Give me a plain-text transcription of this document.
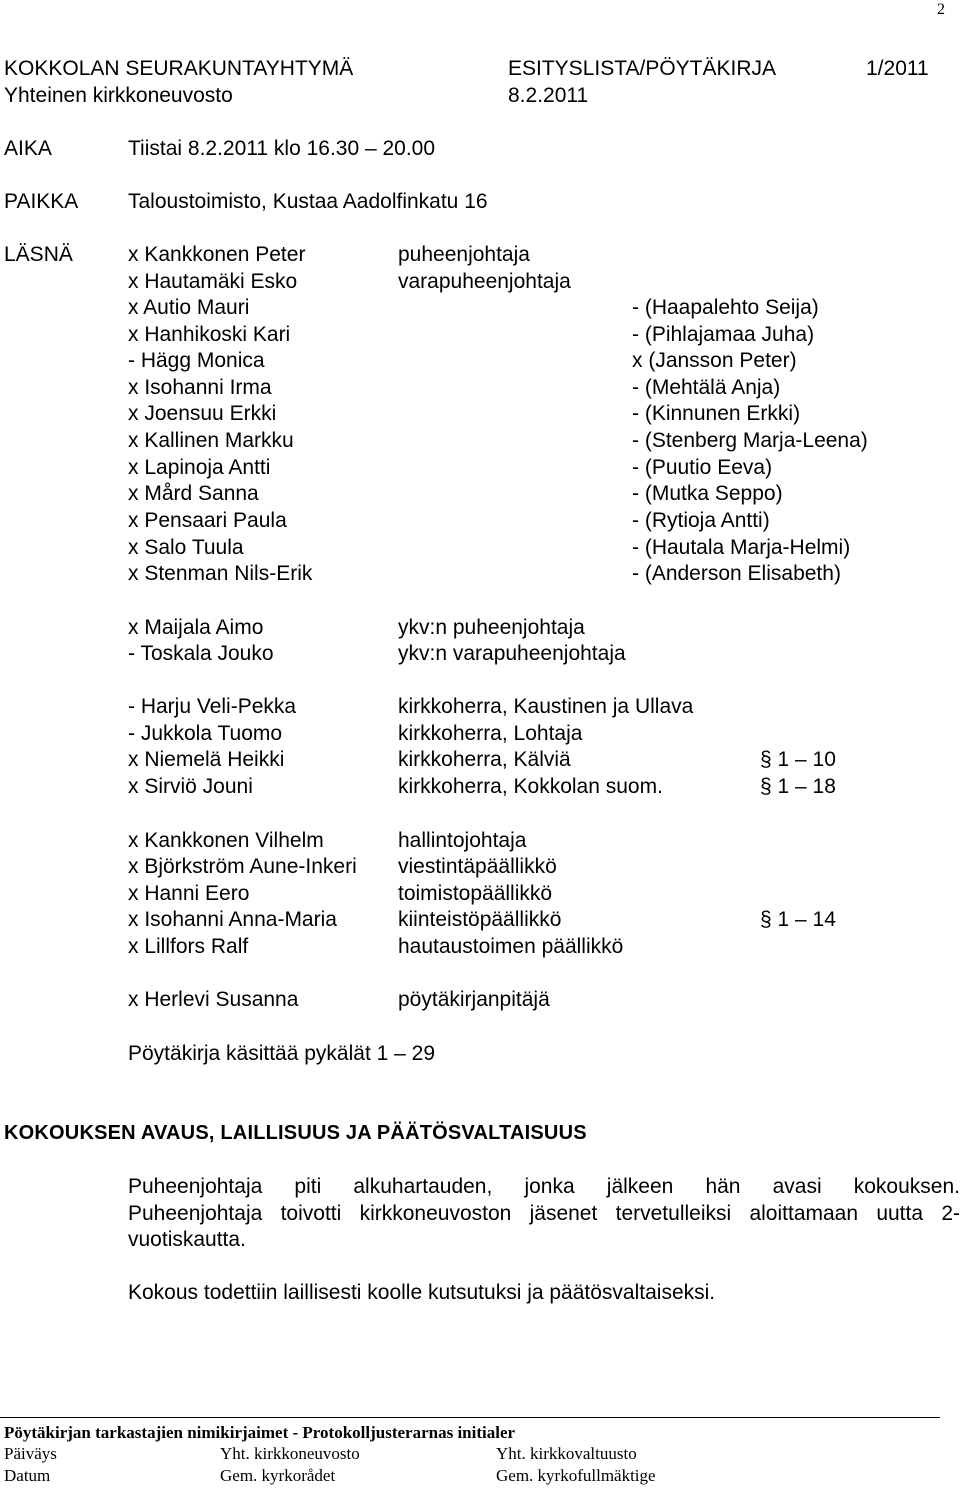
2
KOKKOLAN SEURAKUNTAYHTYMÄ	ESITYSLISTA/PÖYTÄKIRJA	1/2011
Yhteinen kirkkoneuvosto	8.2.2011
AIKA	Tiistai 8.2.2011 klo 16.30 – 20.00
PAIKKA Taloustoimisto, Kustaa Aadolfinkatu 16
LÄSNÄ	x Kankkonen Peter	puheenjohtaja
x Hautamäki Esko	varapuheenjohtaja
x Autio Mauri	- (Haapalehto Seija)
x Hanhikoski Kari	- (Pihlajamaa Juha)
- Hägg Monica	x (Jansson Peter)
x Isohanni Irma	- (Mehtälä Anja)
x Joensuu Erkki	- (Kinnunen Erkki)
x Kallinen Markku	- (Stenberg Marja-Leena)
x Lapinoja Antti	- (Puutio Eeva)
x Mård Sanna	- (Mutka Seppo)
x Pensaari Paula	- (Rytioja Antti)
x Salo Tuula	- (Hautala Marja-Helmi)
x Stenman Nils-Erik	- (Anderson Elisabeth)
x Maijala Aimo	ykv:n puheenjohtaja
- Toskala Jouko	ykv:n varapuheenjohtaja
- Harju Veli-Pekka	kirkkoherra, Kaustinen ja Ullava
- Jukkola Tuomo	kirkkoherra, Lohtaja
x Niemelä Heikki	kirkkoherra, Kälviä	§ 1 – 10
x Sirviö Jouni	kirkkoherra, Kokkolan suom.	§ 1 – 18
x Kankkonen Vilhelm	hallintojohtaja
x Björkström Aune-Inkeri viestintäpäällikkö
x Hanni Eero	toimistopäällikkö
x Isohanni Anna-Maria	kiinteistöpäällikkö	§ 1 – 14
x Lillfors Ralf	hautaustoimen päällikkö
x Herlevi Susanna	pöytäkirjanpitäjä
Pöytäkirja käsittää pykälät 1 – 29
KOKOUKSEN AVAUS, LAILLISUUS JA PÄÄTÖSVALTAISUUS
Puheenjohtaja piti alkuhartauden, jonka jälkeen hän avasi kokouksen.
Puheenjohtaja toivotti kirkkoneuvoston jäsenet tervetulleiksi aloittamaan uutta 2-vuotiskautta.
Kokous todettiin laillisesti koolle kutsutuksi ja päätösvaltaiseksi.
Pöytäkirjan tarkastajien nimikirjaimet - Protokolljusterarnas initialer
Päiväys	Yht. kirkkoneuvosto	Yht. kirkkovaltuusto
Datum	Gem. kyrkorådet	Gem. kyrkofullmäktige
